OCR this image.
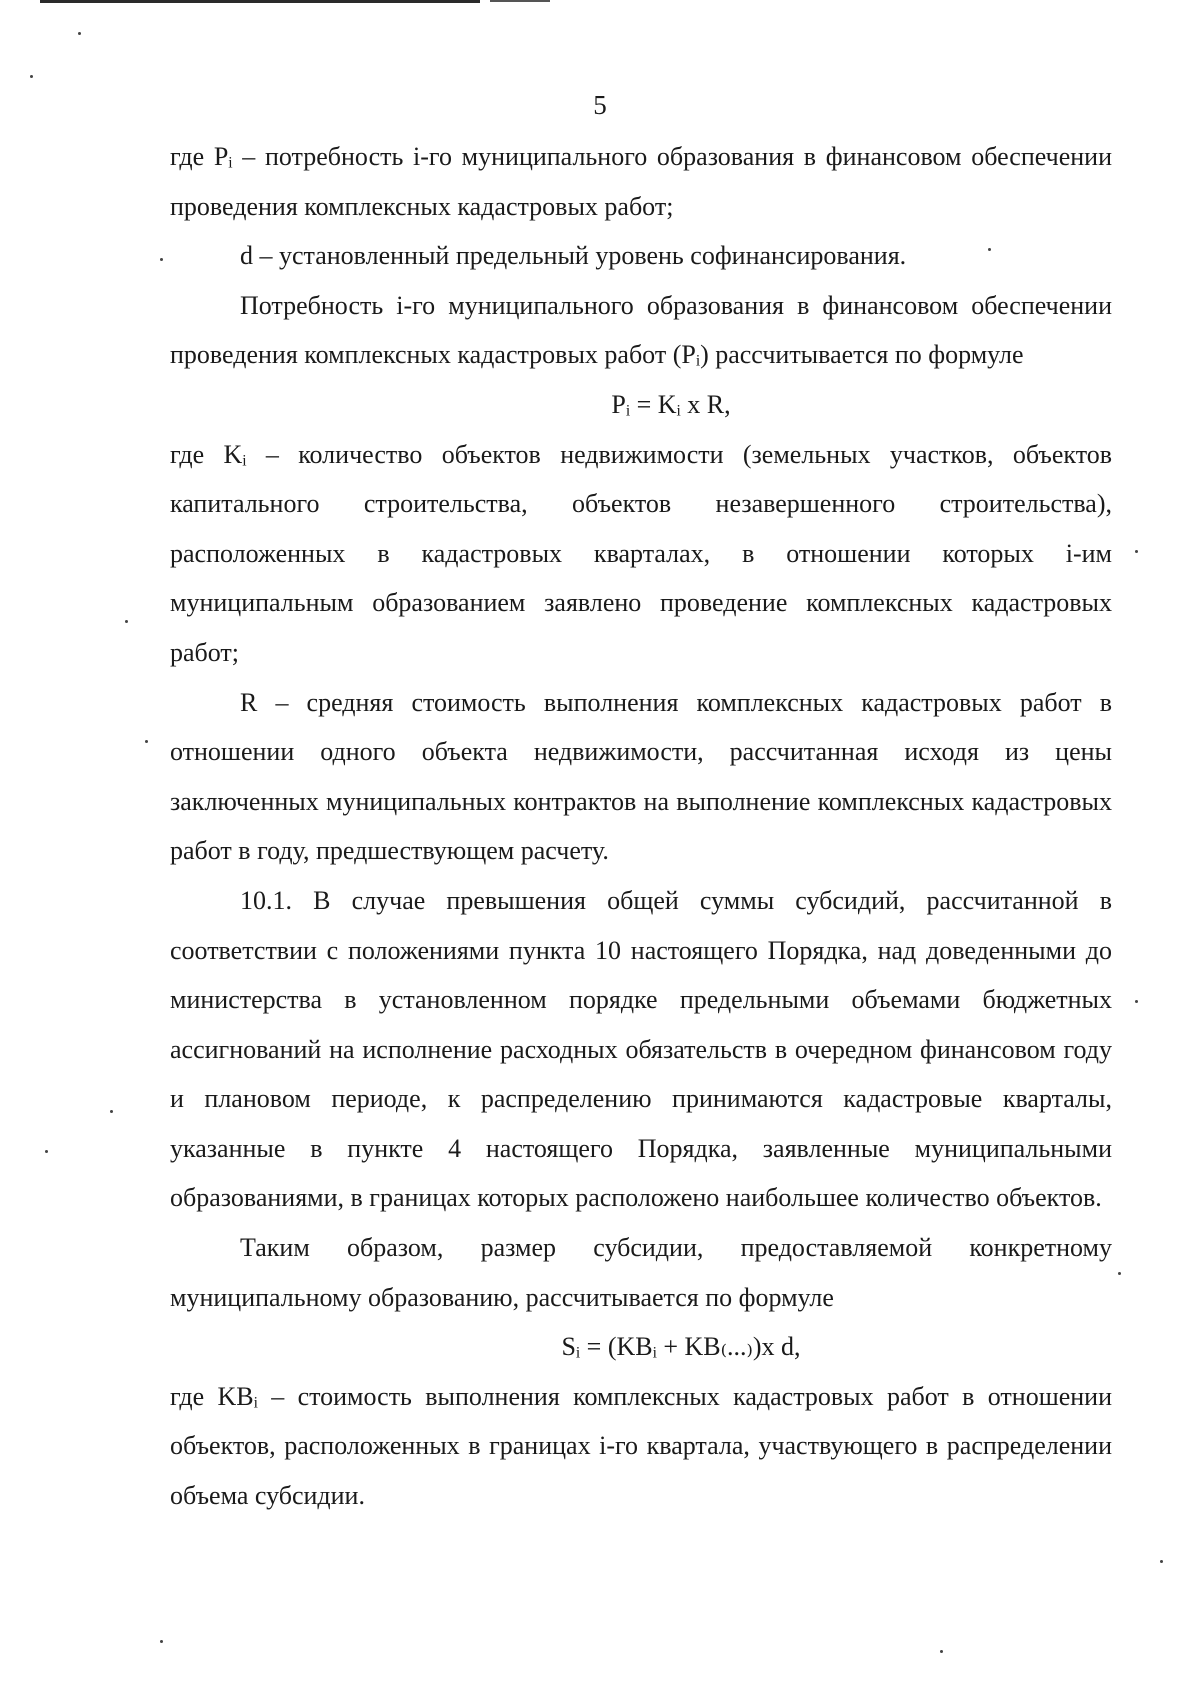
5

где Pᵢ – потребность i-го муниципального образования в финансовом обеспечении проведения комплексных кадастровых работ;

d – установленный предельный уровень софинансирования.

Потребность i-го муниципального образования в финансовом обеспечении проведения комплексных кадастровых работ (Pᵢ) рассчитывается по формуле

Pᵢ = Kᵢ x R,

где Kᵢ – количество объектов недвижимости (земельных участков, объектов капитального строительства, объектов незавершенного строительства), расположенных в кадастровых кварталах, в отношении которых i-им муниципальным образованием заявлено проведение комплексных кадастровых работ;

R – средняя стоимость выполнения комплексных кадастровых работ в отношении одного объекта недвижимости, рассчитанная исходя из цены заключенных муниципальных контрактов на выполнение комплексных кадастровых работ в году, предшествующем расчету.

10.1. В случае превышения общей суммы субсидий, рассчитанной в соответствии с положениями пункта 10 настоящего Порядка, над доведенными до министерства в установленном порядке предельными объемами бюджетных ассигнований на исполнение расходных обязательств в очередном финансовом году и плановом периоде, к распределению принимаются кадастровые кварталы, указанные в пункте 4 настоящего Порядка, заявленные муниципальными образованиями, в границах которых расположено наибольшее количество объектов.

Таким образом, размер субсидии, предоставляемой конкретному муниципальному образованию, рассчитывается по формуле

Sᵢ = (KBᵢ + KB₍...₎)x d,

где KBᵢ – стоимость выполнения комплексных кадастровых работ в отношении объектов, расположенных в границах i-го квартала, участвующего в распределении объема субсидии.
